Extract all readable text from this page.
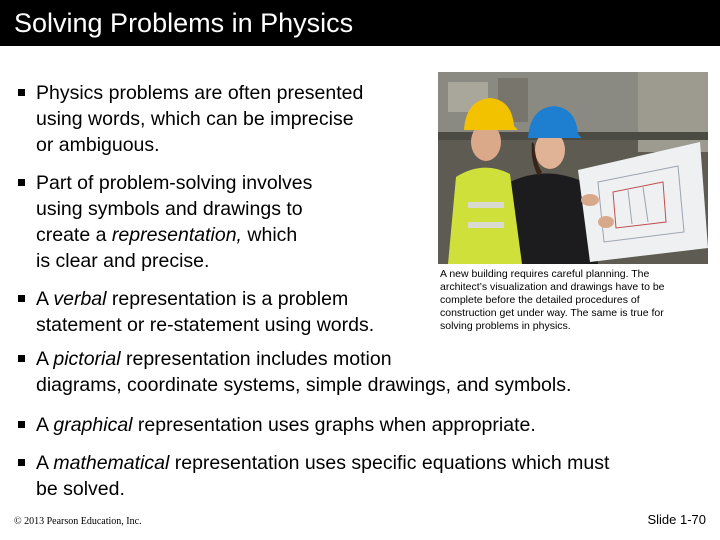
Solving Problems in Physics
Physics problems are often presented
using words, which can be imprecise
or ambiguous.
Part of problem-solving involves
using symbols and drawings to
create a representation, which
is clear and precise.
A verbal representation is a problem
statement or re-statement using words.
A pictorial representation includes motion
diagrams, coordinate systems, simple drawings, and symbols.
A graphical representation uses graphs when appropriate.
A mathematical representation uses specific equations which must
be solved.
A new building requires careful planning. The
architect’s visualization and drawings have to be
complete before the detailed procedures of
construction get under way. The same is true for
solving problems in physics.
© 2013 Pearson Education, Inc.	Slide 1-70
